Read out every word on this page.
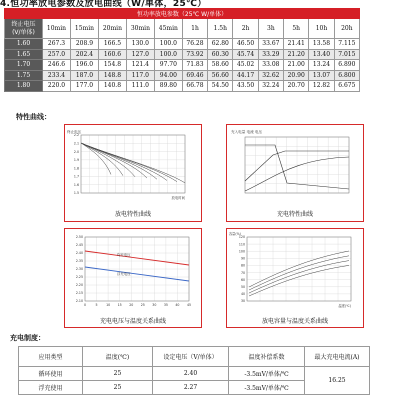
4.恒功率放电参数及放电曲线（W/单体，25℃）
恒功率放电参数（25℃ W/单体）												

终止电压
(V/单体)	10min	15min	20min	30min	45min	1h	1.5h	2h	3h	5h	10h	20h
1.60	267.3	208.9	166.5	130.0	100.0	76.28	62.80	46.50	33.67	21.41	13.58	7.115
1.65	257.0	202.4	160.6	127.0	100.0	73.92	60.30	45.74	33.29	21.20	13.40	7.015
1.70	246.6	196.0	154.8	121.4	97.70	71.83	58.60	45.02	33.08	21.00	13.24	6.890
1.75	233.4	187.0	148.8	117.0	94.00	69.46	56.60	44.17	32.62	20.90	13.07	6.800
1.80	220.0	177.0	140.8	111.0	89.80	66.78	54.50	43.50	32.24	20.70	12.82	6.675
特性曲线：
终止电压
2.2
2.1
2.0
1.9
1.8
1.7
1.6
1.5
放电时间
放电特性曲线
充入电量 电流 电压
充电特性曲线
2.50
2.45
2.40
2.35
2.30
2.25
2.20
2.15
2.10
0	5	10 15 20 25 30 35 40 45
均充电压
浮充电压
充电电压与温度关系曲线
容量(%)
120
110
100
90
80
70
60
50
40
30
温度(℃)
放电容量与温度关系曲线
充电制度：
应用类型	温度(℃)	设定电压（V/单体）	温度补偿系数	最大充电电流(A)
循环使用	25	2.40	-3.5mV/单体/℃	16.25
浮充使用	25	2.27	-3.5mV/单体/℃	
